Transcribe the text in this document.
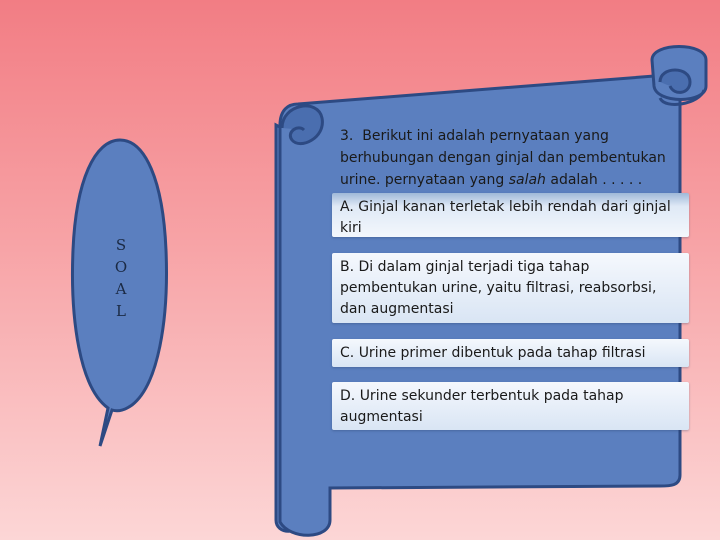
S
O
A
L
3. Berikut ini adalah pernyataan yang
berhubungan dengan ginjal dan pembentukan
urine. pernyataan yang salah adalah . . . . .
A. Ginjal kanan terletak lebih rendah dari ginjal kiri
B. Di dalam ginjal terjadi tiga tahap pembentukan urine, yaitu filtrasi, reabsorbsi, dan augmentasi
C. Urine primer dibentuk pada tahap filtrasi
D. Urine sekunder terbentuk pada tahap augmentasi
